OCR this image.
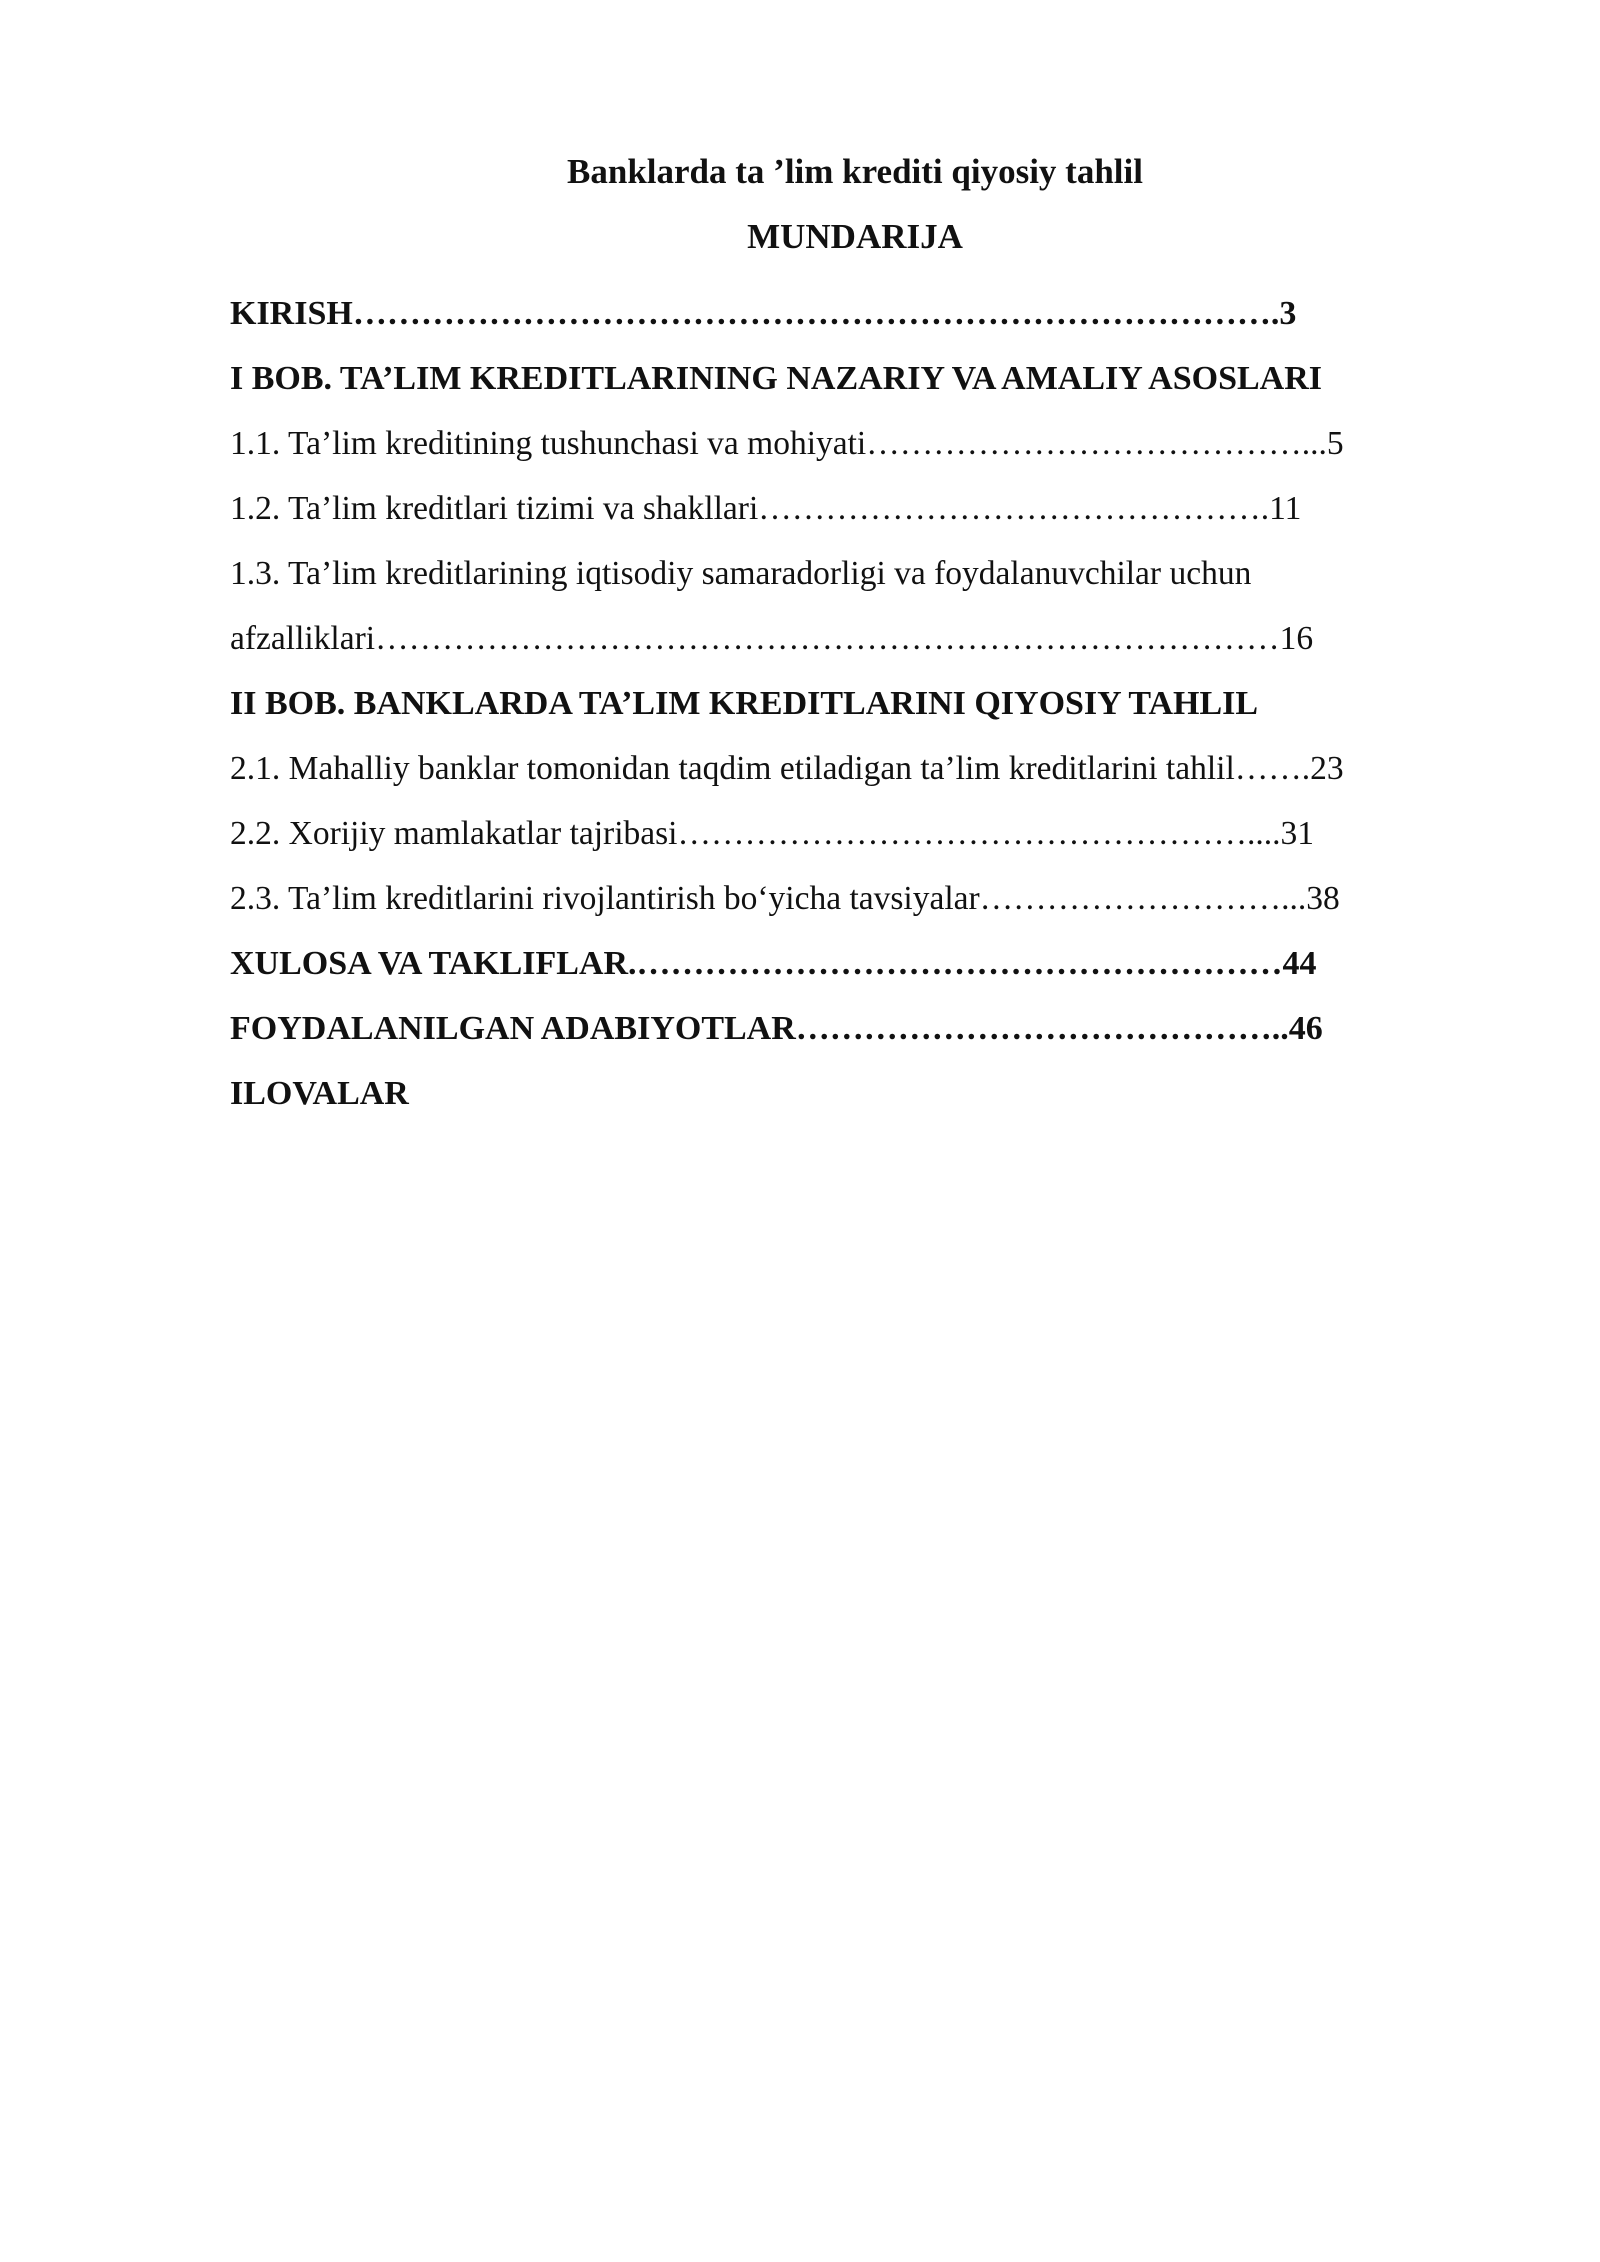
Banklarda ta ’lim krediti qiyosiy tahlil
MUNDARIJA
KIRISH……………………………………………………………………….3
I BOB. TA’LIM KREDITLARINING NAZARIY VA AMALIY ASOSLARI
1.1. Ta’lim kreditining tushunchasi va mohiyati…………………………………...5
1.2. Ta’lim kreditlari tizimi va shakllari……………………………………….11
1.3. Ta’lim kreditlarining iqtisodiy samaradorligi va foydalanuvchilar uchun
afzalliklari………………………………………………………………………16
II BOB. BANKLARDA TA’LIM KREDITLARINI QIYOSIY TAHLIL
2.1. Mahalliy banklar tomonidan taqdim etiladigan ta’lim kreditlarini tahlil…….23
2.2. Xorijiy mamlakatlar tajribasi……………………………………………....31
2.3. Ta’lim kreditlarini rivojlantirish bo‘yicha tavsiyalar………………………...38
XULOSA VA TAKLIFLAR.…………………………………………………44
FOYDALANILGAN ADABIYOTLAR……………………………………..46
ILOVALAR
